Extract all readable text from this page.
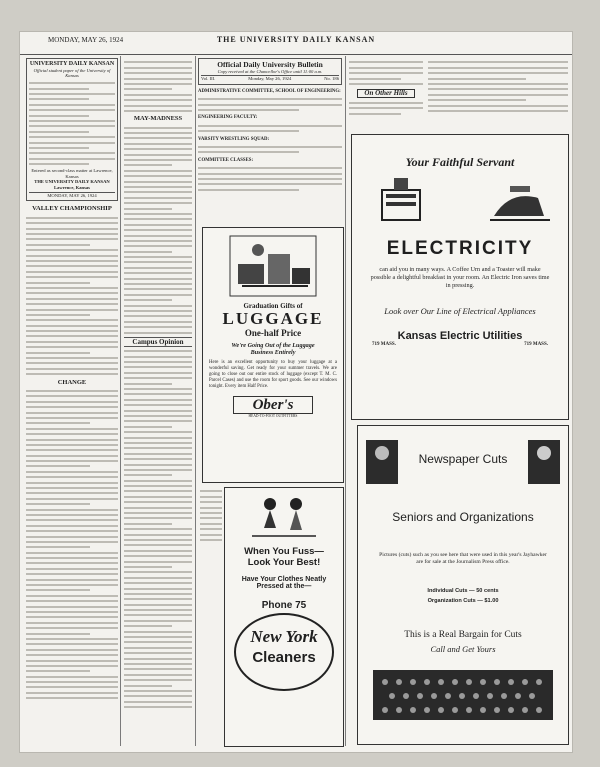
MONDAY, MAY 26, 1924	THE UNIVERSITY DAILY KANSAN
UNIVERSITY DAILY KANSAN
Official student paper of the University of Kansas
Entered as second-class matter at Lawrence, Kansas
THE UNIVERSITY DAILY KANSAN Lawrence, Kansas
MONDAY, MAY 26, 1924
VALLEY CHAMPIONSHIP
CHANGE
MAY-MADNESS
Campus Opinion
Official Daily University Bulletin
Copy received at the Chancellor's Office until 11:00 a.m.
Vol. III.	Monday, May 26, 1924	No. 186
ADMINISTRATIVE COMMITTEE, SCHOOL OF ENGINEERING:
ENGINEERING FACULTY:
VARSITY WRESTLING SQUAD:
COMMITTEE CLASSES:
On Other Hills
Graduation Gifts of
LUGGAGE
One-half Price
We're Going Out of the Luggage
Business Entirely
Here is an excellent opportunity to buy your luggage at a wonderful saving. Get ready for your summer travels. We are going to close out our entire stock of luggage (except T. M. C. Parcel Cases) and use the room for sport goods. See our windows tonight. Every item Half Price.
Ober's
HEAD-TO-FOOT OUTFITTERS
When You Fuss—
Look Your Best!
Have Your Clothes Neatly
Pressed at the—
Phone 75
New York
Cleaners
Your Faithful Servant
ELECTRICITY
can aid you in many ways. A Coffee Urn and a Toaster will make possible a delightful breakfast in your room. An Electric Iron saves time in pressing.
Look over Our Line of Electrical Appliances
Kansas Electric Utilities
719 MASS.	719 MASS.
Newspaper Cuts
Seniors and Organizations
Pictures (cuts) such as you see here that were used in this year's Jayhawker are for sale at the Journalism Press office.
Individual Cuts — 50 cents
Organization Cuts — $1.00
This is a Real Bargain for Cuts
Call and Get Yours
